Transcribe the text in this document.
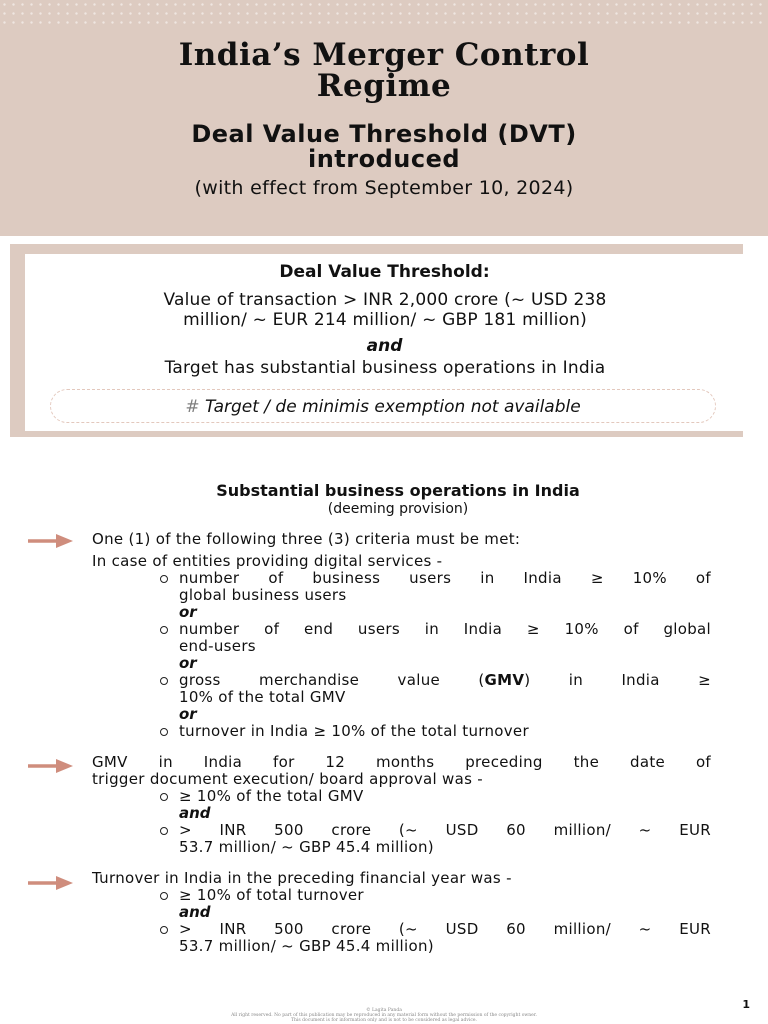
India’s Merger Control
Regime
Deal Value Threshold (DVT)
introduced
(with effect from September 10, 2024)
Deal Value Threshold:
Value of transaction > INR 2,000 crore (~ USD 238
million/ ~ EUR 214 million/ ~ GBP 181 million)
and
Target has substantial business operations in India
# Target / de minimis exemption not available
Substantial business operations in India
(deeming provision)
One (1) of the following three (3) criteria must be met:
In case of entities providing digital services -
number of business users in India ≥ 10% of
global business users
or
number of end users in India ≥ 10% of global
end-users
or
gross merchandise value (GMV) in India ≥
10% of the total GMV
or
turnover in India ≥ 10% of the total turnover
GMV in India for 12 months preceding the date of
trigger document execution/ board approval was -
≥ 10% of the total GMV
and
> INR 500 crore (~ USD 60 million/ ~ EUR
53.7 million/ ~ GBP 45.4 million)
Turnover in India in the preceding financial year was -
≥ 10% of total turnover
and
> INR 500 crore (~ USD 60 million/ ~ EUR
53.7 million/ ~ GBP 45.4 million)
© Lagita Panda
All right reserved. No part of this publication may be reproduced in any material form without the permission of the copyright owner.
This document is for information only and is not to be considered as legal advice.
1
